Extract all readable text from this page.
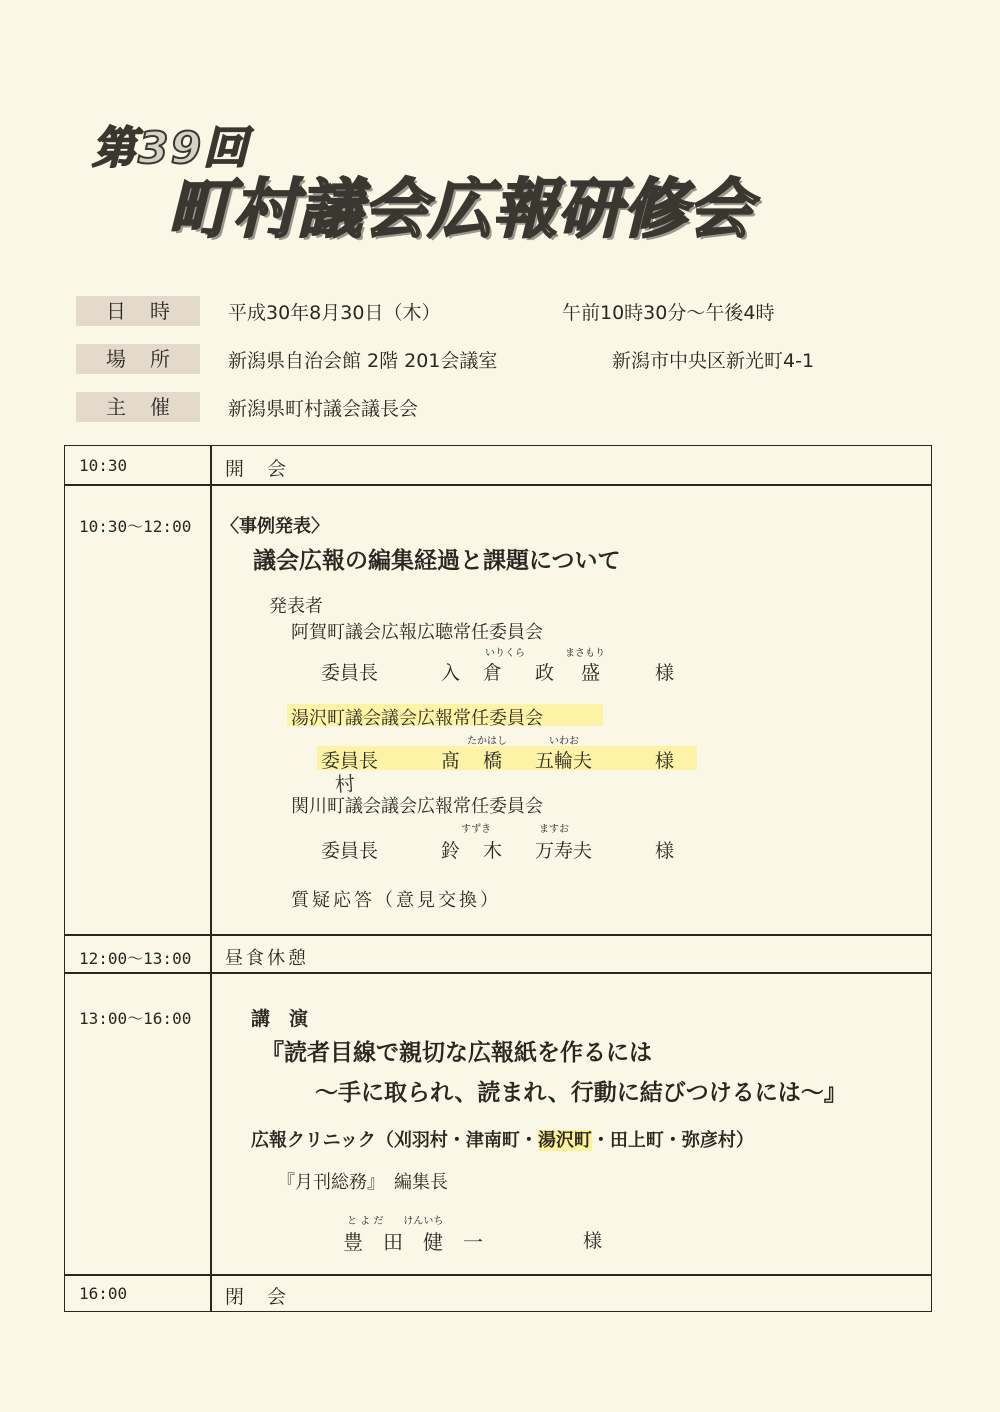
第39回
町村議会広報研修会
日時	平成30年8月30日（木）	午前10時30分～午後4時
場所	新潟県自治会館 2階 201会議室	新潟市中央区新光町4-1
主催	新潟県町村議会議長会
10:30	開　会
10:30～12:00 〈事例発表〉
議会広報の編集経過と課題について
発表者
阿賀町議会広報広聴常任委員会
いりくら	まさもり
委員長	入 倉 政 盛	様
湯沢町議会議会広報常任委員会
たかはし	いわお
委員長	髙 橋 五輪夫	様
村
関川町議会議会広報常任委員会
すずき	ますお
委員長	鈴 木 万寿夫	様
質疑応答（意見交換）
12:00～13:00 昼食休憩
13:00～16:00	講　演
『読者目線で親切な広報紙を作るには
～手に取られ、読まれ、行動に結びつけるには～』
広報クリニック（刈羽村・津南町・湯沢町・田上町・弥彦村）
『月刊総務』　編集長
と よ だ　　けんいち
豊　田　健　一	様
16:00	閉　会
